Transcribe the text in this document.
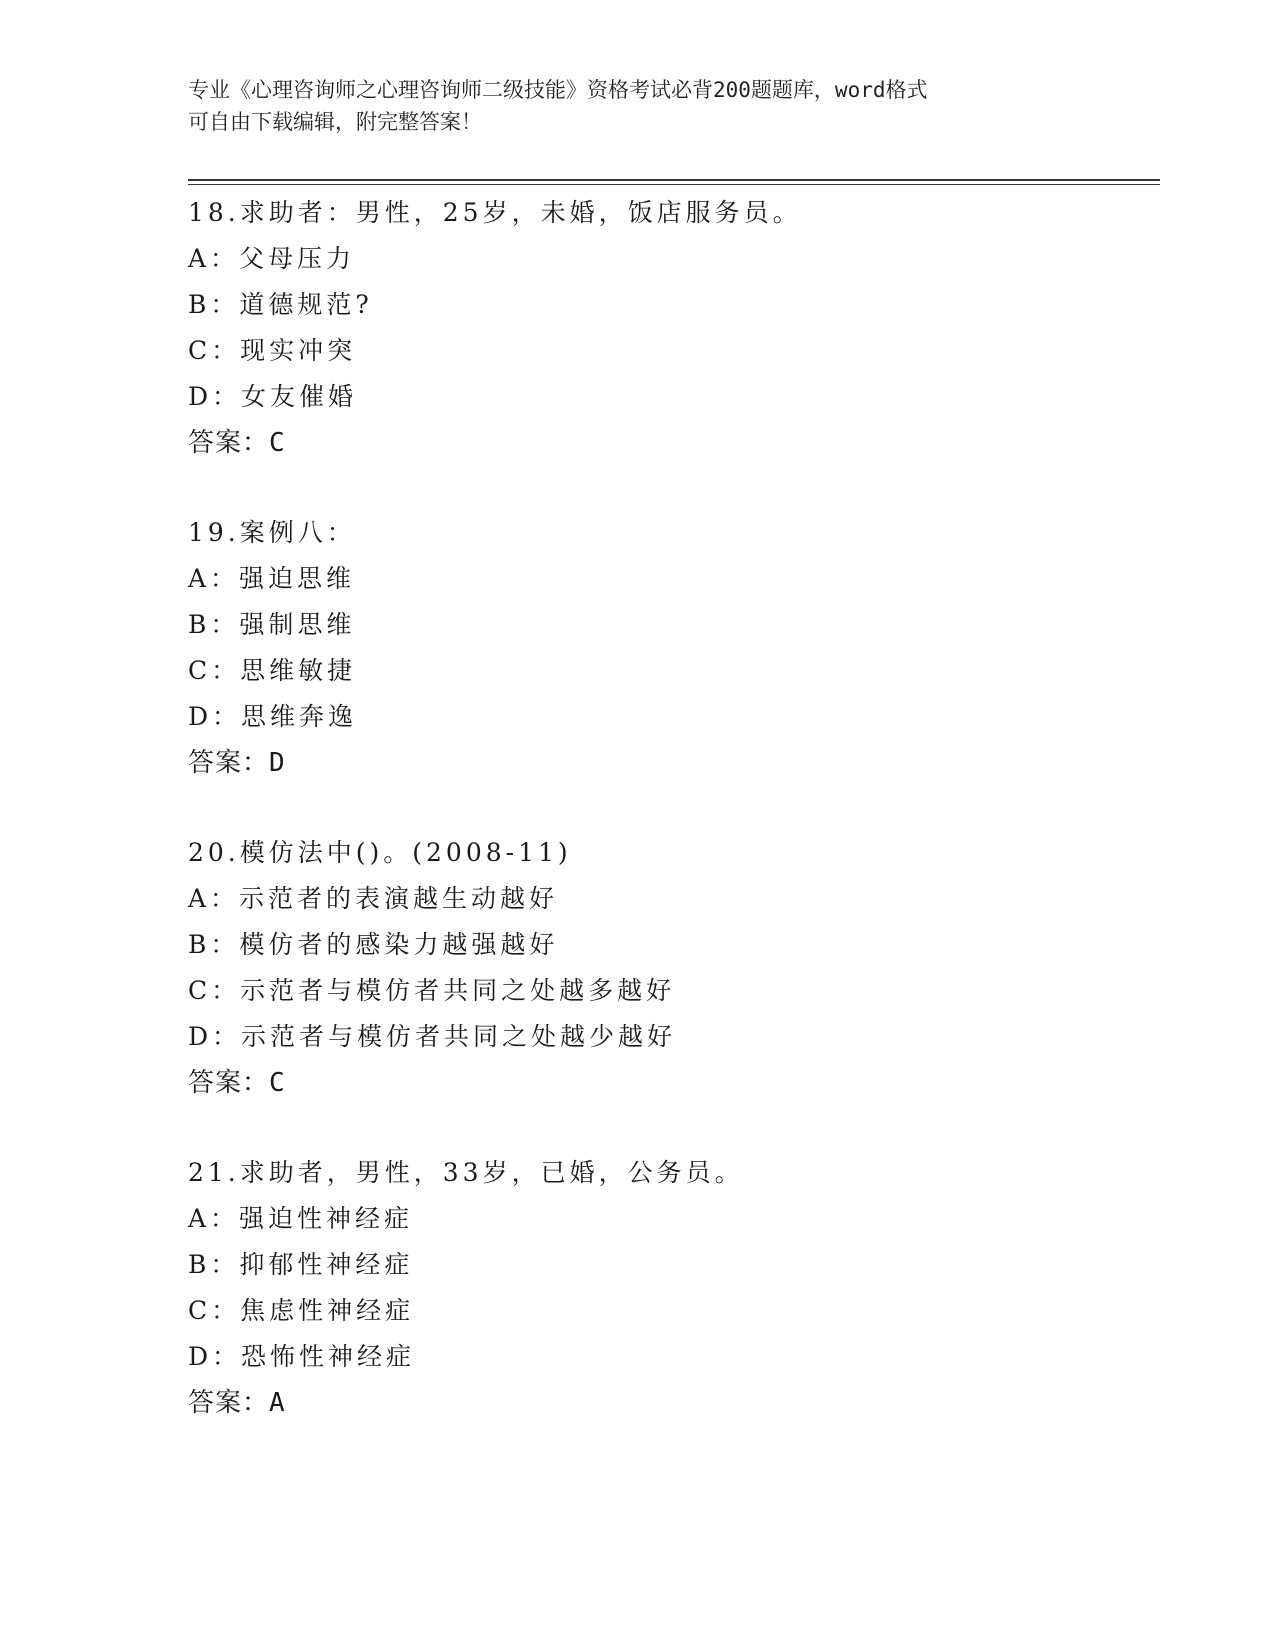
专业《心理咨询师之心理咨询师二级技能》资格考试必背200题题库，word格式
可自由下载编辑，附完整答案！
18.求助者：男性，25岁，未婚，饭店服务员。
A：父母压力
B：道德规范?
C：现实冲突
D：女友催婚
答案：C
19.案例八：
A：强迫思维
B：强制思维
C：思维敏捷
D：思维奔逸
答案：D
20.模仿法中()。(2008-11)
A：示范者的表演越生动越好
B：模仿者的感染力越强越好
C：示范者与模仿者共同之处越多越好
D：示范者与模仿者共同之处越少越好
答案：C
21.求助者，男性，33岁，已婚，公务员。
A：强迫性神经症
B：抑郁性神经症
C：焦虑性神经症
D：恐怖性神经症
答案：A
